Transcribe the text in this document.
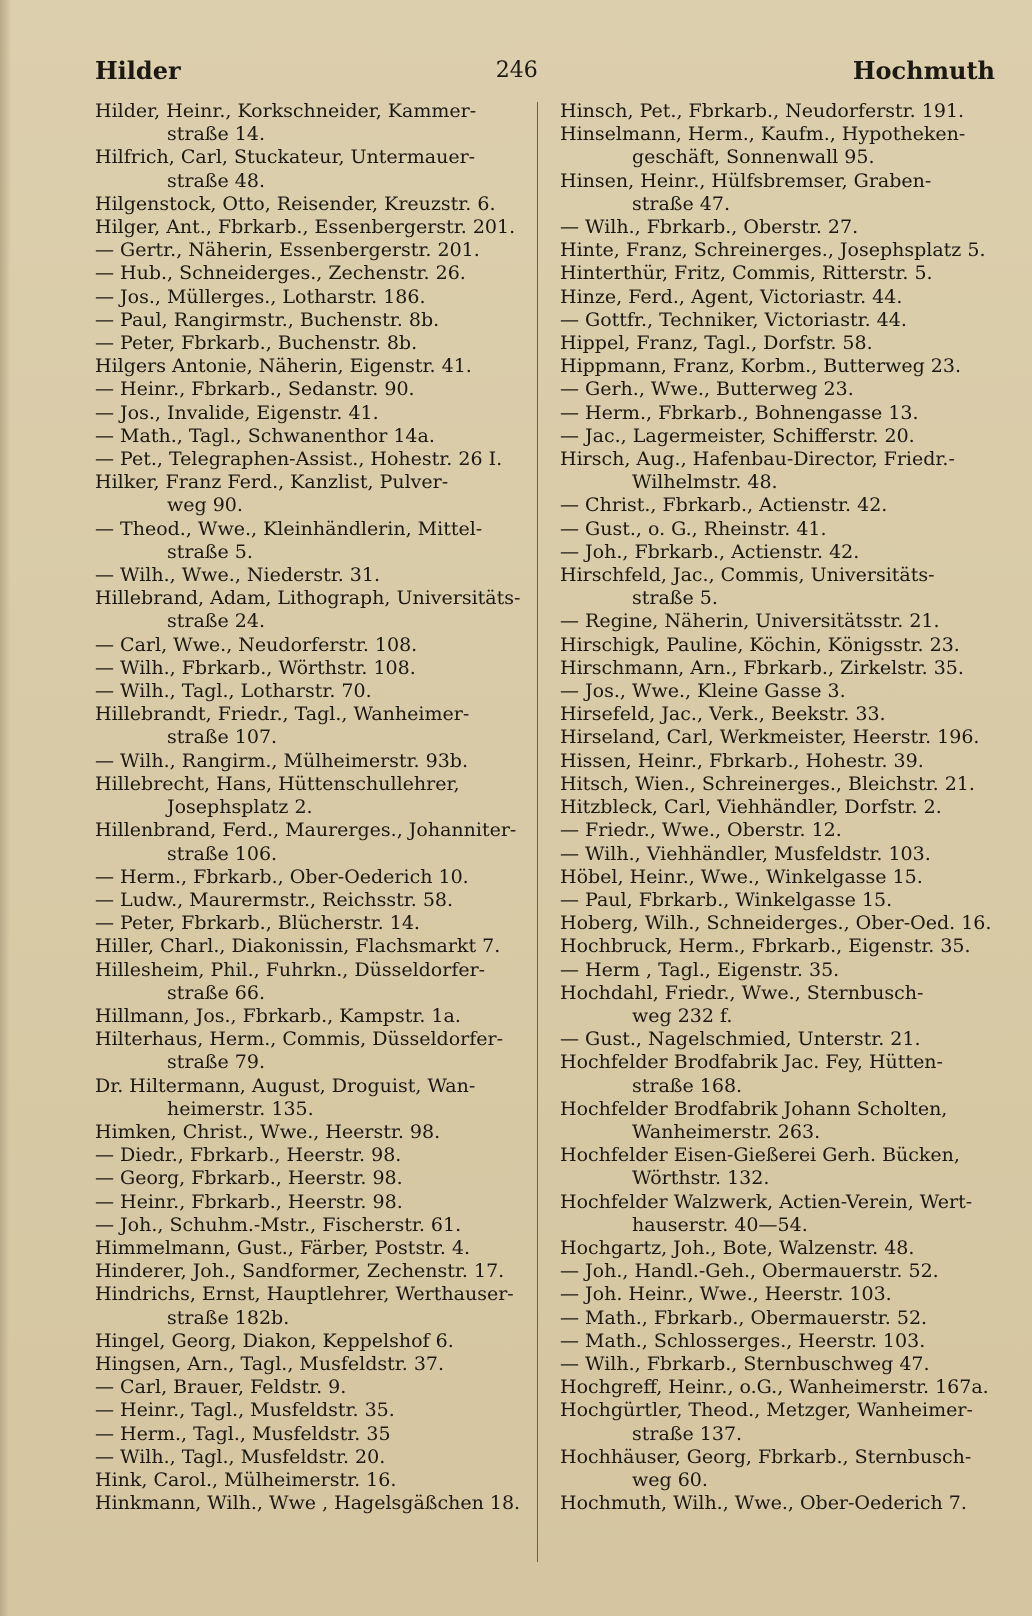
Hilder	246	Hochmuth
Hilder, Heinr., Korkschneider, Kammer-
straße 14.
Hilfrich, Carl, Stuckateur, Untermauer-
straße 48.
Hilgenstock, Otto, Reisender, Kreuzstr. 6.
Hilger, Ant., Fbrkarb., Essenbergerstr. 201.
— Gertr., Näherin, Essenbergerstr. 201.
— Hub., Schneiderges., Zechenstr. 26.
— Jos., Müllerges., Lotharstr. 186.
— Paul, Rangirmstr., Buchenstr. 8b.
— Peter, Fbrkarb., Buchenstr. 8b.
Hilgers Antonie, Näherin, Eigenstr. 41.
— Heinr., Fbrkarb., Sedanstr. 90.
— Jos., Invalide, Eigenstr. 41.
— Math., Tagl., Schwanenthor 14a.
— Pet., Telegraphen-Assist., Hohestr. 26 I.
Hilker, Franz Ferd., Kanzlist, Pulver-
weg 90.
— Theod., Wwe., Kleinhändlerin, Mittel-
straße 5.
— Wilh., Wwe., Niederstr. 31.
Hillebrand, Adam, Lithograph, Universitäts-
straße 24.
— Carl, Wwe., Neudorferstr. 108.
— Wilh., Fbrkarb., Wörthstr. 108.
— Wilh., Tagl., Lotharstr. 70.
Hillebrandt, Friedr., Tagl., Wanheimer-
straße 107.
— Wilh., Rangirm., Mülheimerstr. 93b.
Hillebrecht, Hans, Hüttenschullehrer,
Josephsplatz 2.
Hillenbrand, Ferd., Maurerges., Johanniter-
straße 106.
— Herm., Fbrkarb., Ober-Oederich 10.
— Ludw., Maurermstr., Reichsstr. 58.
— Peter, Fbrkarb., Blücherstr. 14.
Hiller, Charl., Diakonissin, Flachsmarkt 7.
Hillesheim, Phil., Fuhrkn., Düsseldorfer-
straße 66.
Hillmann, Jos., Fbrkarb., Kampstr. 1a.
Hilterhaus, Herm., Commis, Düsseldorfer-
straße 79.
Dr. Hiltermann, August, Droguist, Wan-
heimerstr. 135.
Himken, Christ., Wwe., Heerstr. 98.
— Diedr., Fbrkarb., Heerstr. 98.
— Georg, Fbrkarb., Heerstr. 98.
— Heinr., Fbrkarb., Heerstr. 98.
— Joh., Schuhm.-Mstr., Fischerstr. 61.
Himmelmann, Gust., Färber, Poststr. 4.
Hinderer, Joh., Sandformer, Zechenstr. 17.
Hindrichs, Ernst, Hauptlehrer, Werthauser-
straße 182b.
Hingel, Georg, Diakon, Keppelshof 6.
Hingsen, Arn., Tagl., Musfeldstr. 37.
— Carl, Brauer, Feldstr. 9.
— Heinr., Tagl., Musfeldstr. 35.
— Herm., Tagl., Musfeldstr. 35
— Wilh., Tagl., Musfeldstr. 20.
Hink, Carol., Mülheimerstr. 16.
Hinkmann, Wilh., Wwe , Hagelsgäßchen 18.
Hinsch, Pet., Fbrkarb., Neudorferstr. 191.
Hinselmann, Herm., Kaufm., Hypotheken-
geschäft, Sonnenwall 95.
Hinsen, Heinr., Hülfsbremser, Graben-
straße 47.
— Wilh., Fbrkarb., Oberstr. 27.
Hinte, Franz, Schreinerges., Josephsplatz 5.
Hinterthür, Fritz, Commis, Ritterstr. 5.
Hinze, Ferd., Agent, Victoriastr. 44.
— Gottfr., Techniker, Victoriastr. 44.
Hippel, Franz, Tagl., Dorfstr. 58.
Hippmann, Franz, Korbm., Butterweg 23.
— Gerh., Wwe., Butterweg 23.
— Herm., Fbrkarb., Bohnengasse 13.
— Jac., Lagermeister, Schifferstr. 20.
Hirsch, Aug., Hafenbau-Director, Friedr.-
Wilhelmstr. 48.
— Christ., Fbrkarb., Actienstr. 42.
— Gust., o. G., Rheinstr. 41.
— Joh., Fbrkarb., Actienstr. 42.
Hirschfeld, Jac., Commis, Universitäts-
straße 5.
— Regine, Näherin, Universitätsstr. 21.
Hirschigk, Pauline, Köchin, Königsstr. 23.
Hirschmann, Arn., Fbrkarb., Zirkelstr. 35.
— Jos., Wwe., Kleine Gasse 3.
Hirsefeld, Jac., Verk., Beekstr. 33.
Hirseland, Carl, Werkmeister, Heerstr. 196.
Hissen, Heinr., Fbrkarb., Hohestr. 39.
Hitsch, Wien., Schreinerges., Bleichstr. 21.
Hitzbleck, Carl, Viehhändler, Dorfstr. 2.
— Friedr., Wwe., Oberstr. 12.
— Wilh., Viehhändler, Musfeldstr. 103.
Höbel, Heinr., Wwe., Winkelgasse 15.
— Paul, Fbrkarb., Winkelgasse 15.
Hoberg, Wilh., Schneiderges., Ober-Oed. 16.
Hochbruck, Herm., Fbrkarb., Eigenstr. 35.
— Herm , Tagl., Eigenstr. 35.
Hochdahl, Friedr., Wwe., Sternbusch-
weg 232 f.
— Gust., Nagelschmied, Unterstr. 21.
Hochfelder Brodfabrik Jac. Fey, Hütten-
straße 168.
Hochfelder Brodfabrik Johann Scholten,
Wanheimerstr. 263.
Hochfelder Eisen-Gießerei Gerh. Bücken,
Wörthstr. 132.
Hochfelder Walzwerk, Actien-Verein, Wert-
hauserstr. 40—54.
Hochgartz, Joh., Bote, Walzenstr. 48.
— Joh., Handl.-Geh., Obermauerstr. 52.
— Joh. Heinr., Wwe., Heerstr. 103.
— Math., Fbrkarb., Obermauerstr. 52.
— Math., Schlosserges., Heerstr. 103.
— Wilh., Fbrkarb., Sternbuschweg 47.
Hochgreff, Heinr., o.G., Wanheimerstr. 167a.
Hochgürtler, Theod., Metzger, Wanheimer-
straße 137.
Hochhäuser, Georg, Fbrkarb., Sternbusch-
weg 60.
Hochmuth, Wilh., Wwe., Ober-Oederich 7.
